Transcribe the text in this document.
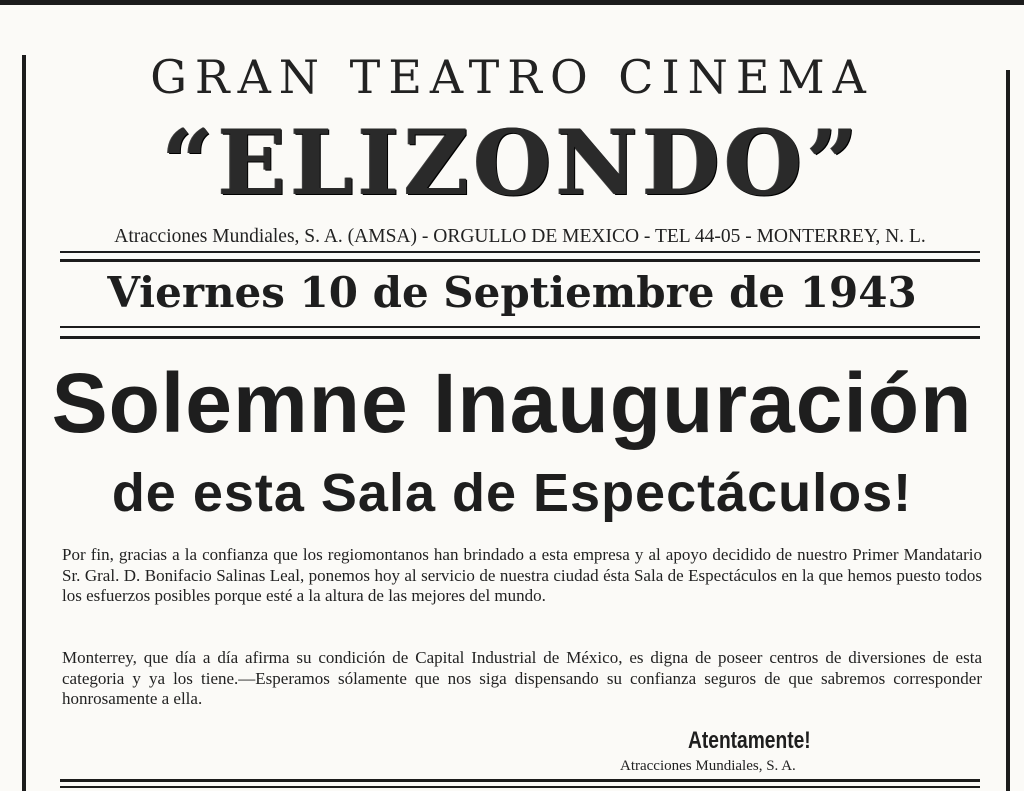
GRAN TEATRO CINEMA
“ELIZONDO”
Atracciones Mundiales, S. A. (AMSA) - ORGULLO DE MEXICO - TEL 44-05 - MONTERREY, N. L.
Viernes 10 de Septiembre de 1943
Solemne Inauguración
de esta Sala de Espectáculos!
Por fin, gracias a la confianza que los regiomontanos han brindado a esta empresa y al apoyo decidido de nuestro Primer Mandatario Sr. Gral. D. Bonifacio Salinas Leal, ponemos hoy al servicio de nuestra ciudad ésta Sala de Espectáculos en la que hemos puesto todos los esfuerzos posibles porque esté a la altura de las mejores del mundo.
Monterrey, que día a día afirma su condición de Capital Industrial de México, es digna de poseer centros de diversiones de esta categoria y ya los tiene.—Esperamos sólamente que nos siga dispensando su confianza seguros de que sabremos corresponder honrosamente a ella.
Atentamente!
Atracciones Mundiales, S. A.
